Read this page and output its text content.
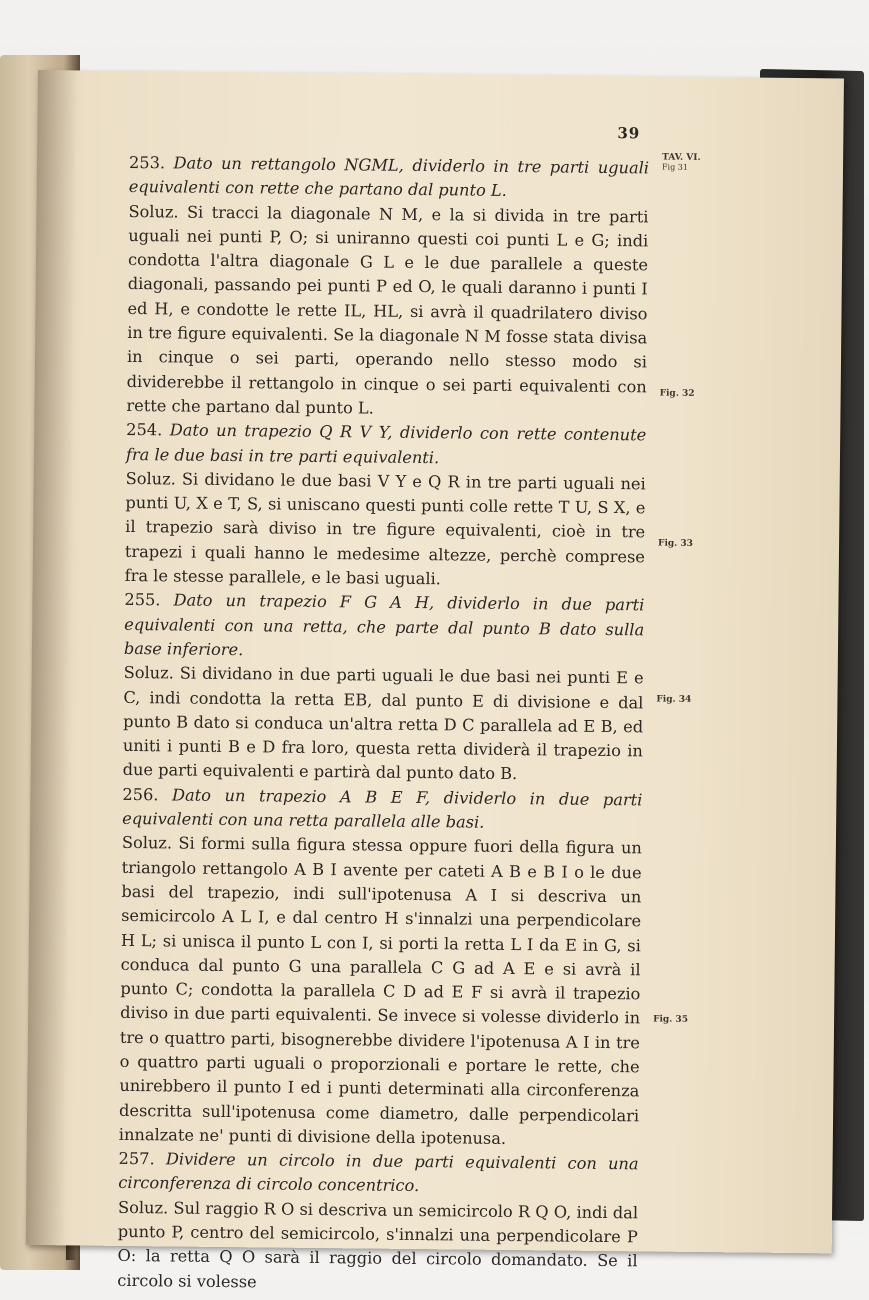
39
TAV. VI.
Fig 31
Fig. 32
Fig. 33
Fig. 34
Fig. 35

253. Dato un rettangolo NGML, dividerlo in tre parti uguali equivalenti con rette che partano dal punto L.

Soluz. Si tracci la diagonale N M, e la si divida in tre parti uguali nei punti P, O; si uniranno questi coi punti L e G; indi condotta l'altra diagonale G L e le due parallele a queste diagonali, passando pei punti P ed O, le quali daranno i punti I ed H, e condotte le rette IL, HL, si avrà il quadrilatero diviso in tre figure equivalenti. Se la diagonale N M fosse stata divisa in cinque o sei parti, operando nello stesso modo si dividerebbe il rettangolo in cinque o sei parti equivalenti con rette che partano dal punto L.

254. Dato un trapezio Q R V Y, dividerlo con rette contenute fra le due basi in tre parti equivalenti.

Soluz. Si dividano le due basi V Y e Q R in tre parti uguali nei punti U, X e T, S, si uniscano questi punti colle rette T U, S X, e il trapezio sarà diviso in tre figure equivalenti, cioè in tre trapezi i quali hanno le medesime altezze, perchè comprese fra le stesse parallele, e le basi uguali.

255. Dato un trapezio F G A H, dividerlo in due parti equivalenti con una retta, che parte dal punto B dato sulla base inferiore.

Soluz. Si dividano in due parti uguali le due basi nei punti E e C, indi condotta la retta EB, dal punto E di divisione e dal punto B dato si conduca un'altra retta D C parallela ad E B, ed uniti i punti B e D fra loro, questa retta dividerà il trapezio in due parti equivalenti e partirà dal punto dato B.

256. Dato un trapezio A B E F, dividerlo in due parti equivalenti con una retta parallela alle basi.

Soluz. Si formi sulla figura stessa oppure fuori della figura un triangolo rettangolo A B I avente per cateti A B e B I o le due basi del trapezio, indi sull'ipotenusa A I si descriva un semicircolo A L I, e dal centro H s'innalzi una perpendicolare H L; si unisca il punto L con I, si porti la retta L I da E in G, si conduca dal punto G una parallela C G ad A E e si avrà il punto C; condotta la parallela C D ad E F si avrà il trapezio diviso in due parti equivalenti. Se invece si volesse dividerlo in tre o quattro parti, bisognerebbe dividere l'ipotenusa A I in tre o quattro parti uguali o proporzionali e portare le rette, che unirebbero il punto I ed i punti determinati alla circonferenza descritta sull'ipotenusa come diametro, dalle perpendicolari innalzate ne' punti di divisione della ipotenusa.

257. Dividere un circolo in due parti equivalenti con una circonferenza di circolo concentrico.

Soluz. Sul raggio R O si descriva un semicircolo R Q O, indi dal punto P, centro del semicircolo, s'innalzi una perpendicolare P O: la retta Q O sarà il raggio del circolo domandato. Se il circolo si volesse
